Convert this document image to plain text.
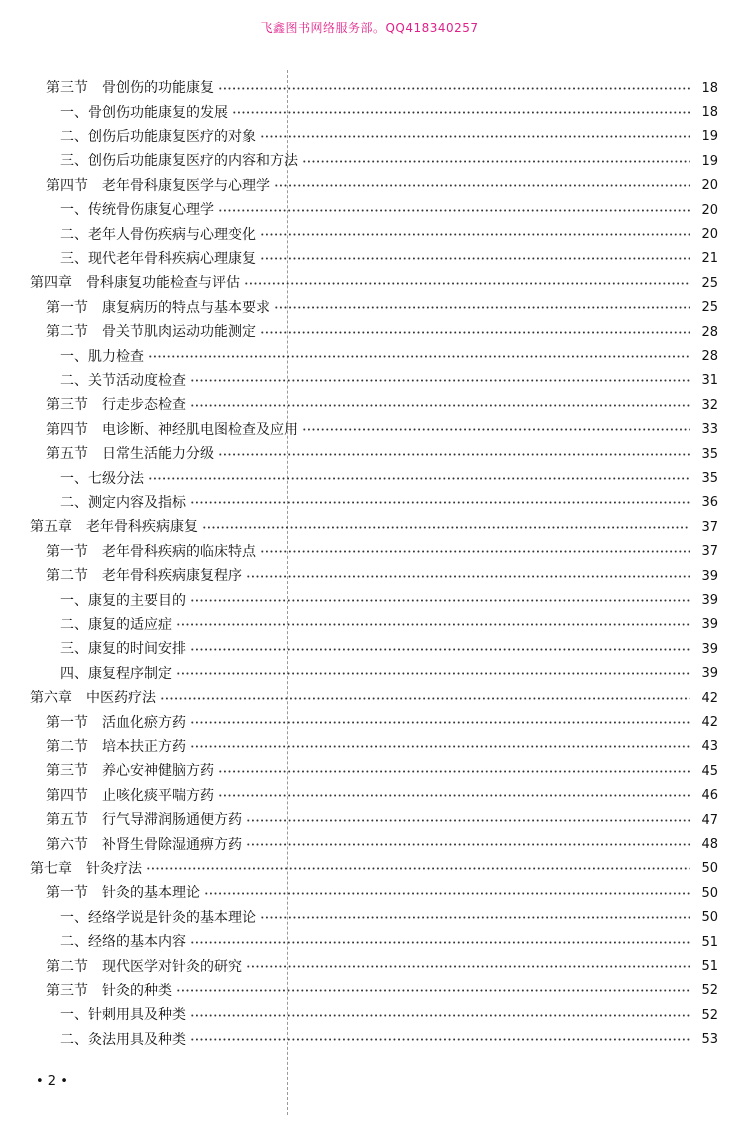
飞鑫图书网络服务部。QQ418340257
第三节　骨创伤的功能康复	18
一、骨创伤功能康复的发展	18
二、创伤后功能康复医疗的对象	19
三、创伤后功能康复医疗的内容和方法	19
第四节　老年骨科康复医学与心理学	20
一、传统骨伤康复心理学	20
二、老年人骨伤疾病与心理变化	20
三、现代老年骨科疾病心理康复	21
第四章　骨科康复功能检查与评估	25
第一节　康复病历的特点与基本要求	25
第二节　骨关节肌肉运动功能测定	28
一、肌力检查	28
二、关节活动度检查	31
第三节　行走步态检查	32
第四节　电诊断、神经肌电图检查及应用	33
第五节　日常生活能力分级	35
一、七级分法	35
二、测定内容及指标	36
第五章　老年骨科疾病康复	37
第一节　老年骨科疾病的临床特点	37
第二节　老年骨科疾病康复程序	39
一、康复的主要目的	39
二、康复的适应症	39
三、康复的时间安排	39
四、康复程序制定	39
第六章　中医药疗法	42
第一节　活血化瘀方药	42
第二节　培本扶正方药	43
第三节　养心安神健脑方药	45
第四节　止咳化痰平喘方药	46
第五节　行气导滞润肠通便方药	47
第六节　补肾生骨除湿通痹方药	48
第七章　针灸疗法	50
第一节　针灸的基本理论	50
一、经络学说是针灸的基本理论	50
二、经络的基本内容	51
第二节　现代医学对针灸的研究	51
第三节　针灸的种类	52
一、针刺用具及种类	52
二、灸法用具及种类	53
• 2 •
